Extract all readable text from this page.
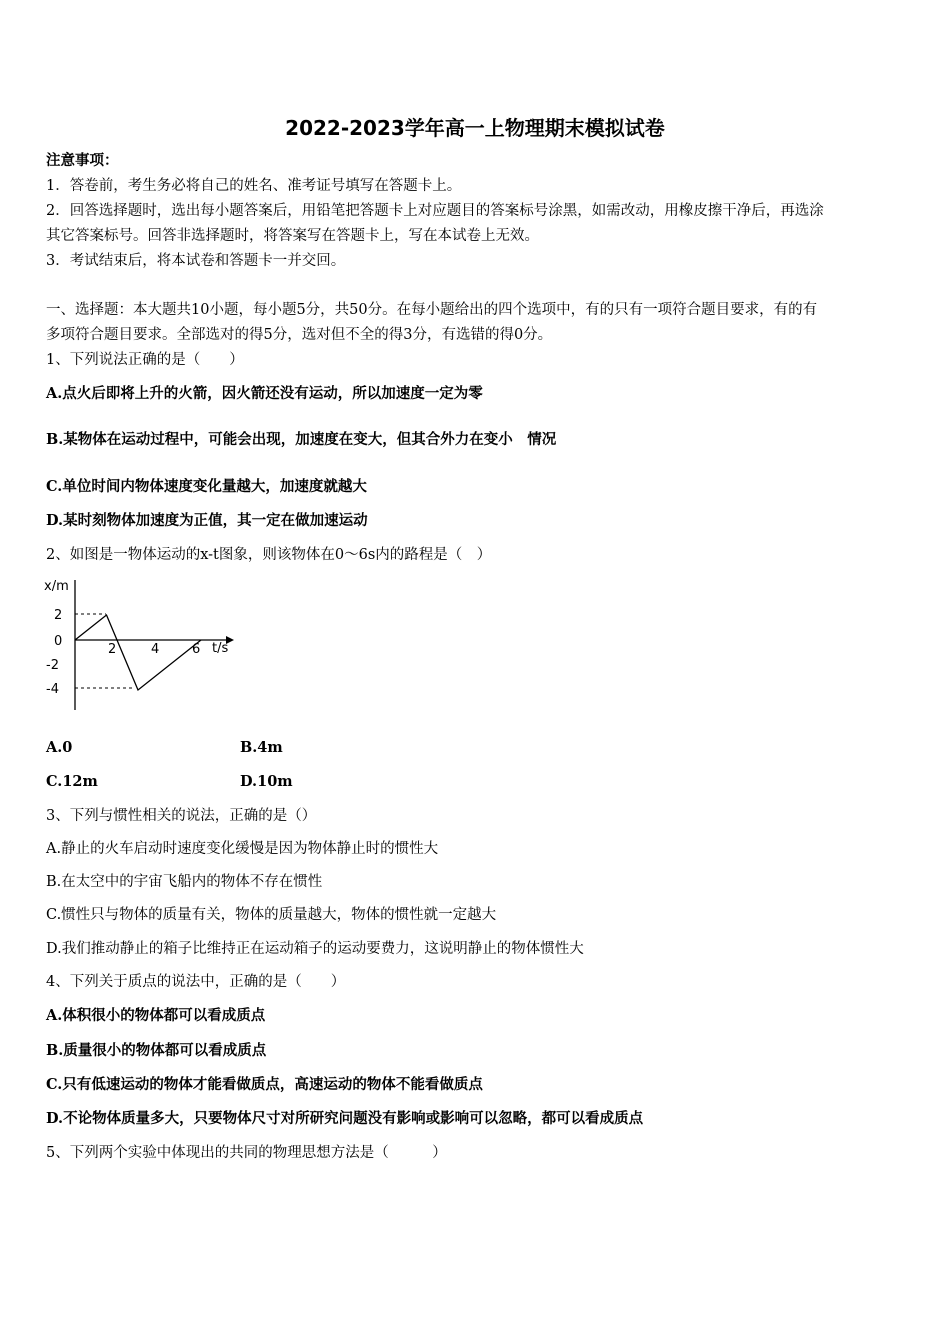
2022-2023学年高一上物理期末模拟试卷
注意事项：
1．答卷前，考生务必将自己的姓名、准考证号填写在答题卡上。
2．回答选择题时，选出每小题答案后，用铅笔把答题卡上对应题目的答案标号涂黑，如需改动，用橡皮擦干净后，再选涂
其它答案标号。回答非选择题时，将答案写在答题卡上，写在本试卷上无效。
3．考试结束后，将本试卷和答题卡一并交回。
一、选择题：本大题共10小题，每小题5分，共50分。在每小题给出的四个选项中，有的只有一项符合题目要求，有的有
多项符合题目要求。全部选对的得5分，选对但不全的得3分，有选错的得0分。
1、下列说法正确的是（　　）
A.点火后即将上升的火箭，因火箭还没有运动，所以加速度一定为零
B.某物体在运动过程中，可能会出现，加速度在变大，但其合外力在变小　情况
C.单位时间内物体速度变化量越大，加速度就越大
D.某时刻物体加速度为正值，其一定在做加速运动
2、如图是一物体运动的x-t图象，则该物体在0～6s内的路程是（　）
x/m
t/s
2
0
-2
-4
2	4	6
A.0	B.4m
C.12m	D.10m
3、下列与惯性相关的说法，正确的是（）
A.静止的火车启动时速度变化缓慢是因为物体静止时的惯性大
B.在太空中的宇宙飞船内的物体不存在惯性
C.惯性只与物体的质量有关，物体的质量越大，物体的惯性就一定越大
D.我们推动静止的箱子比维持正在运动箱子的运动要费力，这说明静止的物体惯性大
4、下列关于质点的说法中，正确的是（　　）
A.体积很小的物体都可以看成质点
B.质量很小的物体都可以看成质点
C.只有低速运动的物体才能看做质点，高速运动的物体不能看做质点
D.不论物体质量多大，只要物体尺寸对所研究问题没有影响或影响可以忽略，都可以看成质点
5、下列两个实验中体现出的共同的物理思想方法是（　　　）
